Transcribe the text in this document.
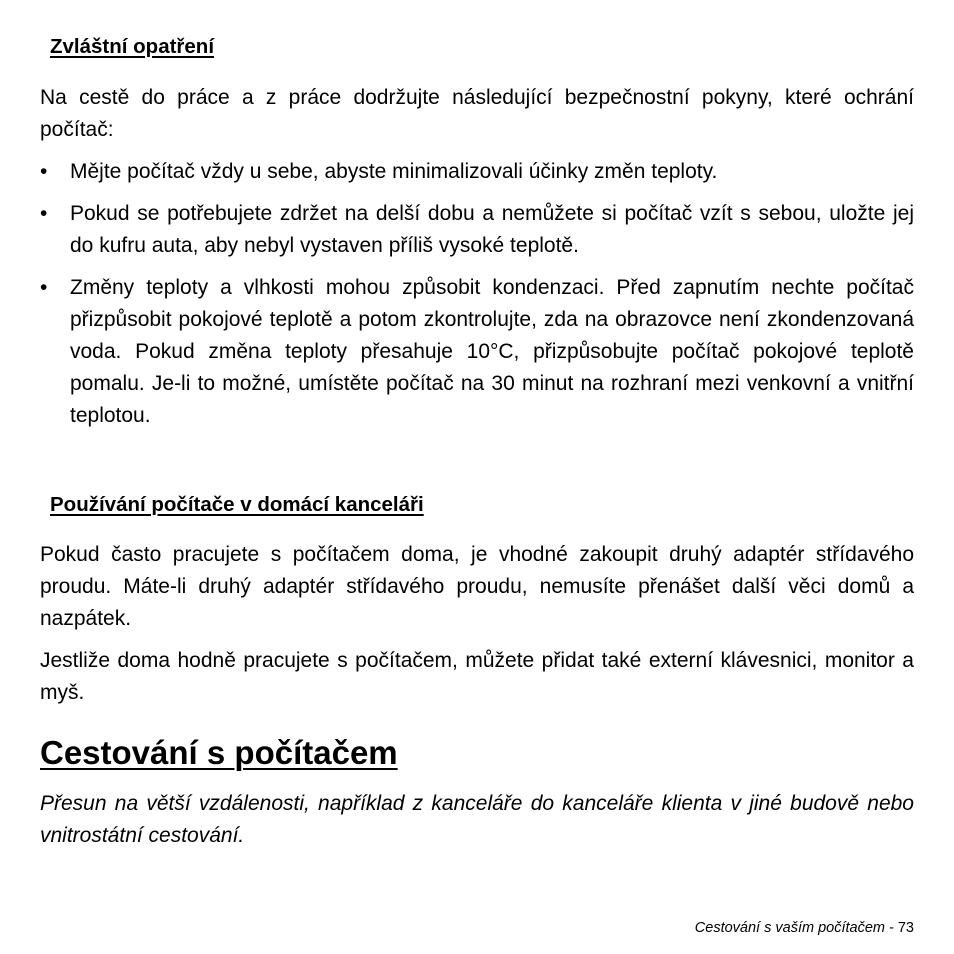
Zvláštní opatření

Na cestě do práce a z práce dodržujte následující bezpečnostní pokyny, které ochrání počítač:

•	Mějte počítač vždy u sebe, abyste minimalizovali účinky změn teploty.
•	Pokud se potřebujete zdržet na delší dobu a nemůžete si počítač vzít s sebou, uložte jej do kufru auta, aby nebyl vystaven příliš vysoké teplotě.
•	Změny teploty a vlhkosti mohou způsobit kondenzaci. Před zapnutím nechte počítač přizpůsobit pokojové teplotě a potom zkontrolujte, zda na obrazovce není zkondenzovaná voda. Pokud změna teploty přesahuje 10°C, přizpůsobujte počítač pokojové teplotě pomalu. Je-li to možné, umístěte počítač na 30 minut na rozhraní mezi venkovní a vnitřní teplotou.
Používání počítače v domácí kanceláři

Pokud často pracujete s počítačem doma, je vhodné zakoupit druhý adaptér střídavého proudu. Máte-li druhý adaptér střídavého proudu, nemusíte přenášet další věci domů a nazpátek.

Jestliže doma hodně pracujete s počítačem, můžete přidat také externí klávesnici, monitor a myš.

Cestování s počítačem

Přesun na větší vzdálenosti, například z kanceláře do kanceláře klienta v jiné budově nebo vnitrostátní cestování.

Cestování s vaším počítačem - 73
